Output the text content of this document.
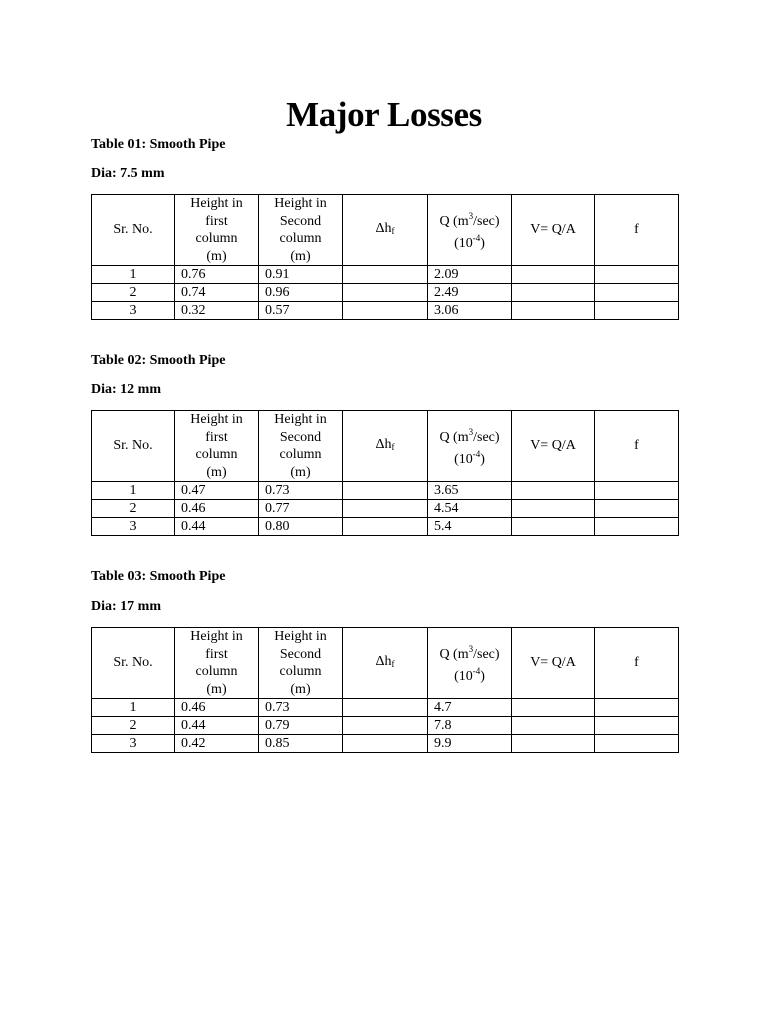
Major Losses
Table 01: Smooth Pipe
Dia: 7.5 mm
Sr. No.	Height in
first
column
(m)	Height in
Second
column
(m)	$\Delta h_f$	Q $(m^3/\sec)$
$(10^{-4})$	V= Q/A	f
1	0.76	0.91		2.09		
2	0.74	0.96		2.49		
3	0.32	0.57		3.06		
Table 02: Smooth Pipe
Dia: 12 mm
Sr. No.	Height in
first
column
(m)	Height in
Second
column
(m)	$\Delta h_f$	Q $(m^3/\sec)$
$(10^{-4})$	V= Q/A	f
1	0.47	0.73		3.65		
2	0.46	0.77		4.54		
3	0.44	0.80		5.4		
Table 03: Smooth Pipe
Dia: 17 mm
Sr. No.	Height in
first
column
(m)	Height in
Second
column
(m)	$\Delta h_f$	Q $(m^3/\sec)$
$(10^{-4})$	V= Q/A	f
1	0.46	0.73		4.7		
2	0.44	0.79		7.8		
3	0.42	0.85		9.9		
